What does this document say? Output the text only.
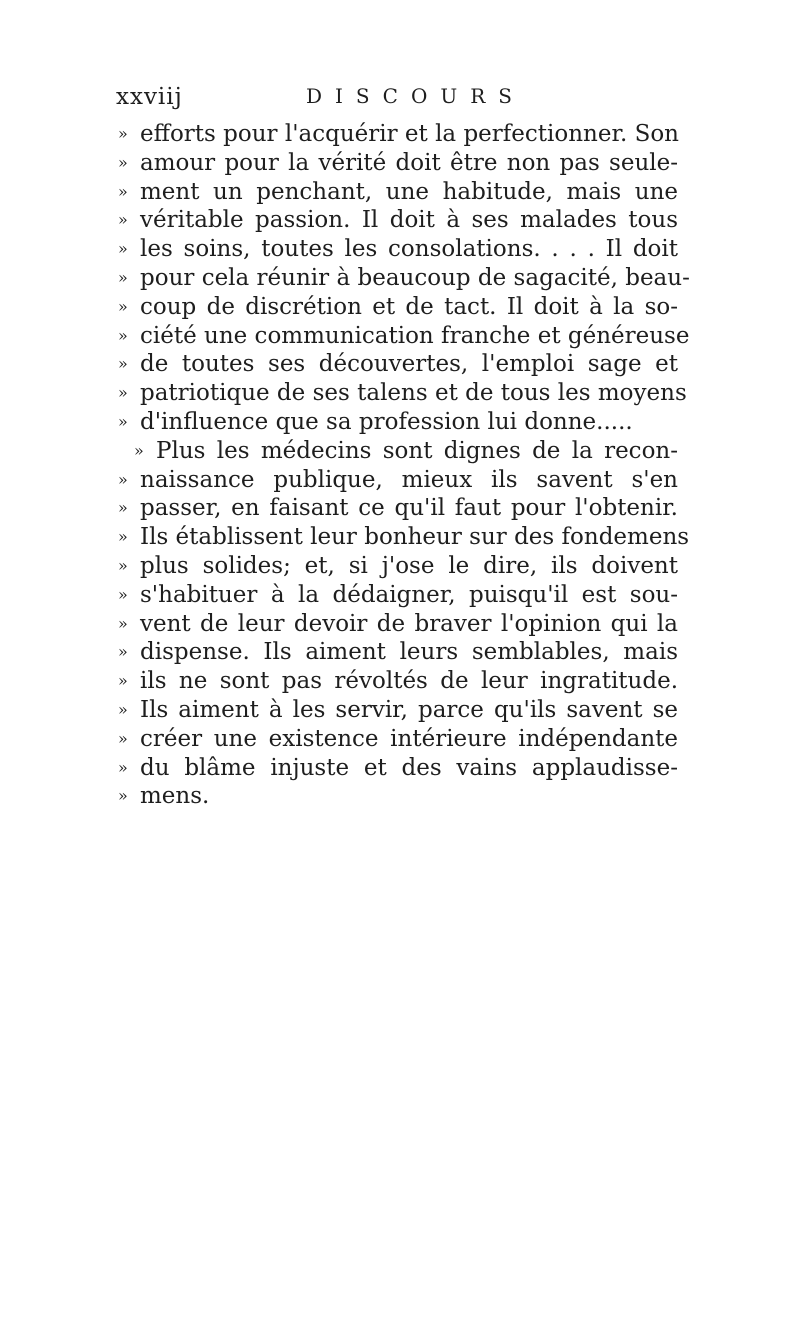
xxviij	DISCOURS
» efforts pour l'acquérir et la perfectionner. Son
» amour pour la vérité doit être non pas seule-
» ment un penchant, une habitude, mais une
» véritable passion. Il doit à ses malades tous
» les soins, toutes les consolations. . . . Il doit
» pour cela réunir à beaucoup de sagacité, beau-
» coup de discrétion et de tact. Il doit à la so-
» ciété une communication franche et généreuse
» de toutes ses découvertes, l'emploi sage et
» patriotique de ses talens et de tous les moyens
» d'influence que sa profession lui donne.....
» Plus les médecins sont dignes de la recon-
» naissance publique, mieux ils savent s'en
» passer, en faisant ce qu'il faut pour l'obtenir.
» Ils établissent leur bonheur sur des fondemens
» plus solides; et, si j'ose le dire, ils doivent
» s'habituer à la dédaigner, puisqu'il est sou-
» vent de leur devoir de braver l'opinion qui la
» dispense. Ils aiment leurs semblables, mais
» ils ne sont pas révoltés de leur ingratitude.
» Ils aiment à les servir, parce qu'ils savent se
» créer une existence intérieure indépendante
» du blâme injuste et des vains applaudisse-
» mens.
